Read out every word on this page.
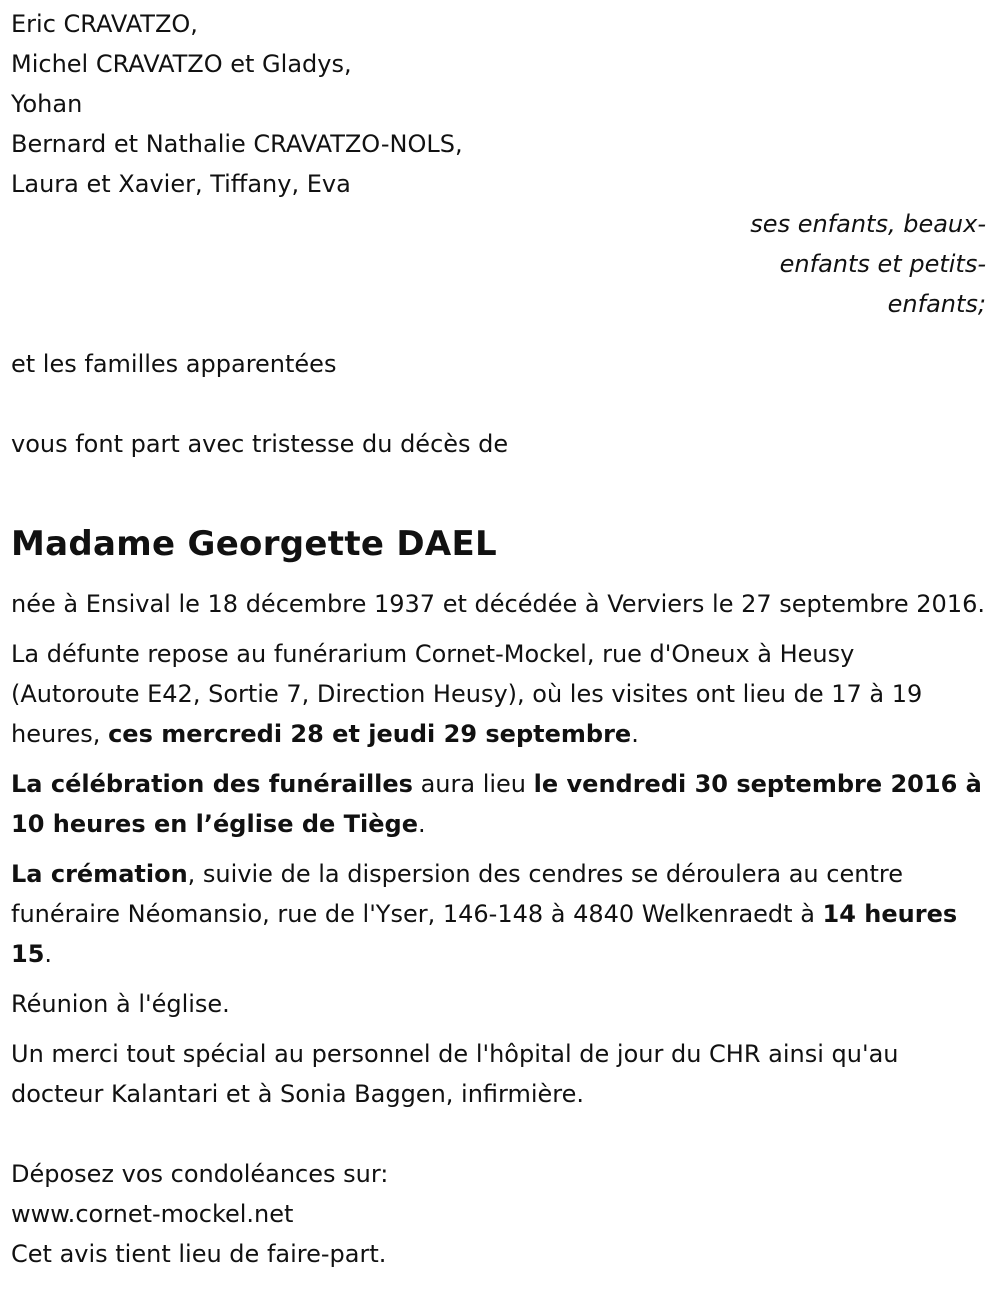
Eric CRAVATZO,
Michel CRAVATZO et Gladys,
Yohan
Bernard et Nathalie CRAVATZO-NOLS,
Laura et Xavier, Tiffany, Eva
ses enfants, beaux-
enfants et petits-
enfants;
et les familles apparentées
vous font part avec tristesse du décès de
Madame Georgette DAEL
née à Ensival le 18 décembre 1937 et décédée à Verviers le 27 septembre 2016.
La défunte repose au funérarium Cornet-Mockel, rue d'Oneux à Heusy (Autoroute E42, Sortie 7, Direction Heusy), où les visites ont lieu de 17 à 19 heures, ces mercredi 28 et jeudi 29 septembre.
La célébration des funérailles aura lieu le vendredi 30 septembre 2016 à 10 heures en l’église de Tiège.
La crémation, suivie de la dispersion des cendres se déroulera au centre funéraire Néomansio, rue de l'Yser, 146-148 à 4840 Welkenraedt à 14 heures 15.
Réunion à l'église.
Un merci tout spécial au personnel de l'hôpital de jour du CHR ainsi qu'au docteur Kalantari et à Sonia Baggen, infirmière.
Déposez vos condoléances sur:
www.cornet-mockel.net
Cet avis tient lieu de faire-part.
